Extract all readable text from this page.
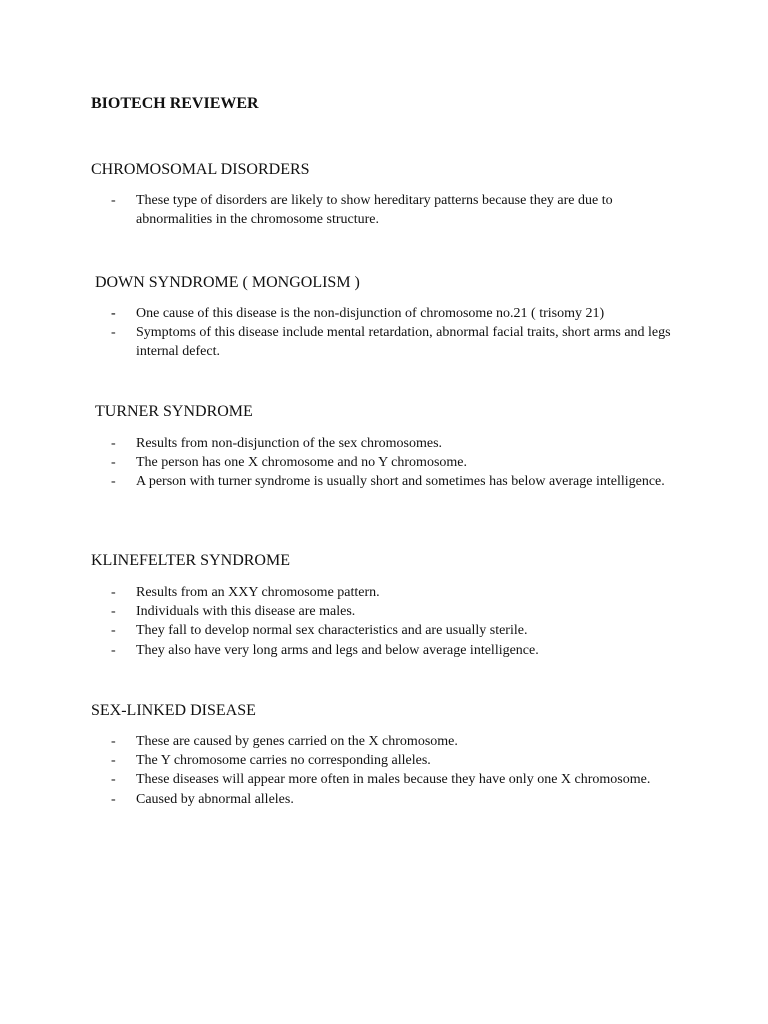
BIOTECH REVIEWER
CHROMOSOMAL DISORDERS
-	These type of disorders are likely to show hereditary patterns because they are due to abnormalities in the chromosome structure.
DOWN SYNDROME ( MONGOLISM )
-	One cause of this disease is the non-disjunction of chromosome no.21 ( trisomy 21)
-	Symptoms of this disease include mental retardation, abnormal facial traits, short arms and legs internal defect.
TURNER SYNDROME
-	Results from non-disjunction of the sex chromosomes.
-	The person has one X chromosome and no Y chromosome.
-	A person with turner syndrome is usually short and sometimes has below average intelligence.
KLINEFELTER SYNDROME
-	Results from an XXY chromosome pattern.
-	Individuals with this disease are males.
-	They fall to develop normal sex characteristics and are usually sterile.
-	They also have very long arms and legs and below average intelligence.
SEX-LINKED DISEASE
-	These are caused by genes carried on the X chromosome.
-	The Y chromosome carries no corresponding alleles.
-	These diseases will appear more often in males because they have only one X chromosome.
-	Caused by abnormal alleles.
